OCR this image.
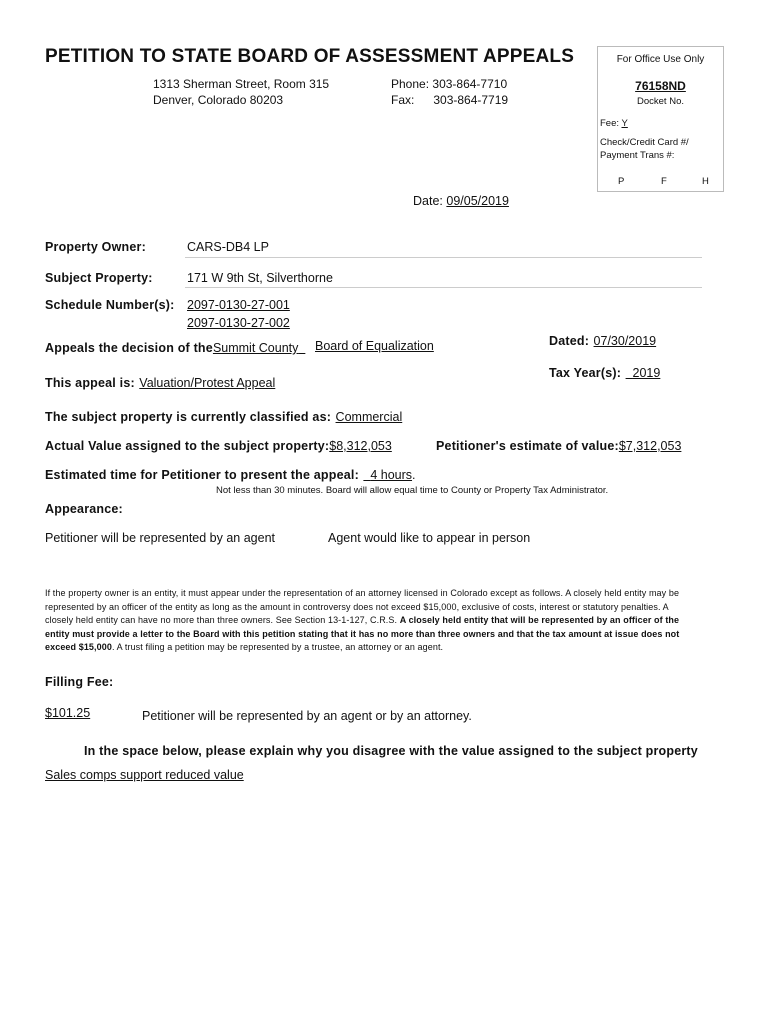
PETITION TO STATE BOARD OF ASSESSMENT APPEALS
1313 Sherman Street, Room 315
Denver, Colorado 80203
Phone: 303-864-7710
Fax: 303-864-7719
For Office Use Only
76158ND
Docket No.
Fee: Y
Check/Credit Card #/ Payment Trans #:
P	F	H
Date: 09/05/2019
Property Owner:	CARS-DB4 LP
Subject Property:	171 W 9th St, Silverthorne
Schedule Number(s): 2097-0130-27-001
2097-0130-27-002
Appeals the decision of theSummit County	Board of Equalization	Dated: 07/30/2019
Tax Year(s): 2019
This appeal is: Valuation/Protest Appeal
The subject property is currently classified as: Commercial
Actual Value assigned to the subject property:$8,312,053	Petitioner's estimate of value:$7,312,053
Estimated time for Petitioner to present the appeal: 4 hours.
Not less than 30 minutes. Board will allow equal time to County or Property Tax Administrator.
Appearance:
Petitioner will be represented by an agent	Agent would like to appear in person
If the property owner is an entity, it must appear under the representation of an attorney licensed in Colorado except as follows. A closely held entity may be represented by an officer of the entity as long as the amount in controversy does not exceed $15,000, exclusive of costs, interest or statutory penalties. A closely held entity can have no more than three owners. See Section 13-1-127, C.R.S. A closely held entity that will be represented by an officer of the entity must provide a letter to the Board with this petition stating that it has no more than three owners and that the tax amount at issue does not exceed $15,000. A trust filing a petition may be represented by a trustee, an attorney or an agent.
Filling Fee:
$101.25	Petitioner will be represented by an agent or by an attorney.
In the space below, please explain why you disagree with the value assigned to the subject property
Sales comps support reduced value
